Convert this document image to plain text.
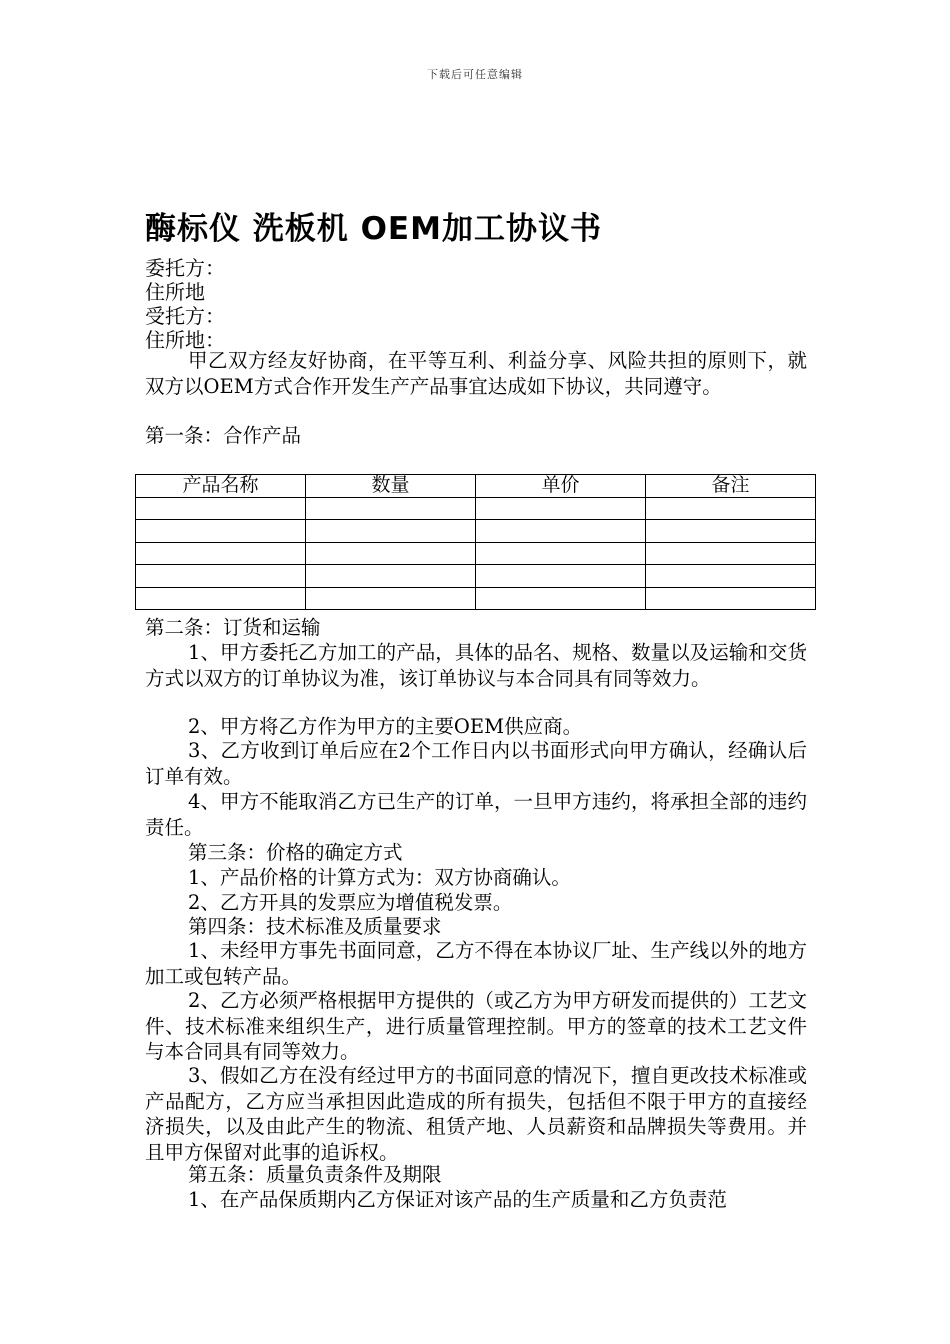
下载后可任意编辑
酶标仪 洗板机 OEM加工协议书
委托方：
住所地
受托方：
住所地：

甲乙双方经友好协商，在平等互利、利益分享、风险共担的原则下，就双方以OEM方式合作开发生产产品事宜达成如下协议，共同遵守。

第一条：合作产品
产品名称	数量	单价	备注

第二条：订货和运输

1、甲方委托乙方加工的产品，具体的品名、规格、数量以及运输和交货方式以双方的订单协议为准，该订单协议与本合同具有同等效力。

2、甲方将乙方作为甲方的主要OEM供应商。

3、乙方收到订单后应在2个工作日内以书面形式向甲方确认，经确认后订单有效。

4、甲方不能取消乙方已生产的订单，一旦甲方违约，将承担全部的违约责任。

第三条：价格的确定方式
1、产品价格的计算方式为：双方协商确认。
2、乙方开具的发票应为增值税发票。
第四条：技术标准及质量要求

1、未经甲方事先书面同意，乙方不得在本协议厂址、生产线以外的地方加工或包转产品。

2、乙方必须严格根据甲方提供的（或乙方为甲方研发而提供的）工艺文件、技术标准来组织生产，进行质量管理控制。甲方的签章的技术工艺文件与本合同具有同等效力。

3、假如乙方在没有经过甲方的书面同意的情况下，擅自更改技术标准或产品配方，乙方应当承担因此造成的所有损失，包括但不限于甲方的直接经济损失，以及由此产生的物流、租赁产地、人员薪资和品牌损失等费用。并且甲方保留对此事的追诉权。

第五条：质量负责条件及期限
1、在产品保质期内乙方保证对该产品的生产质量和乙方负责范
